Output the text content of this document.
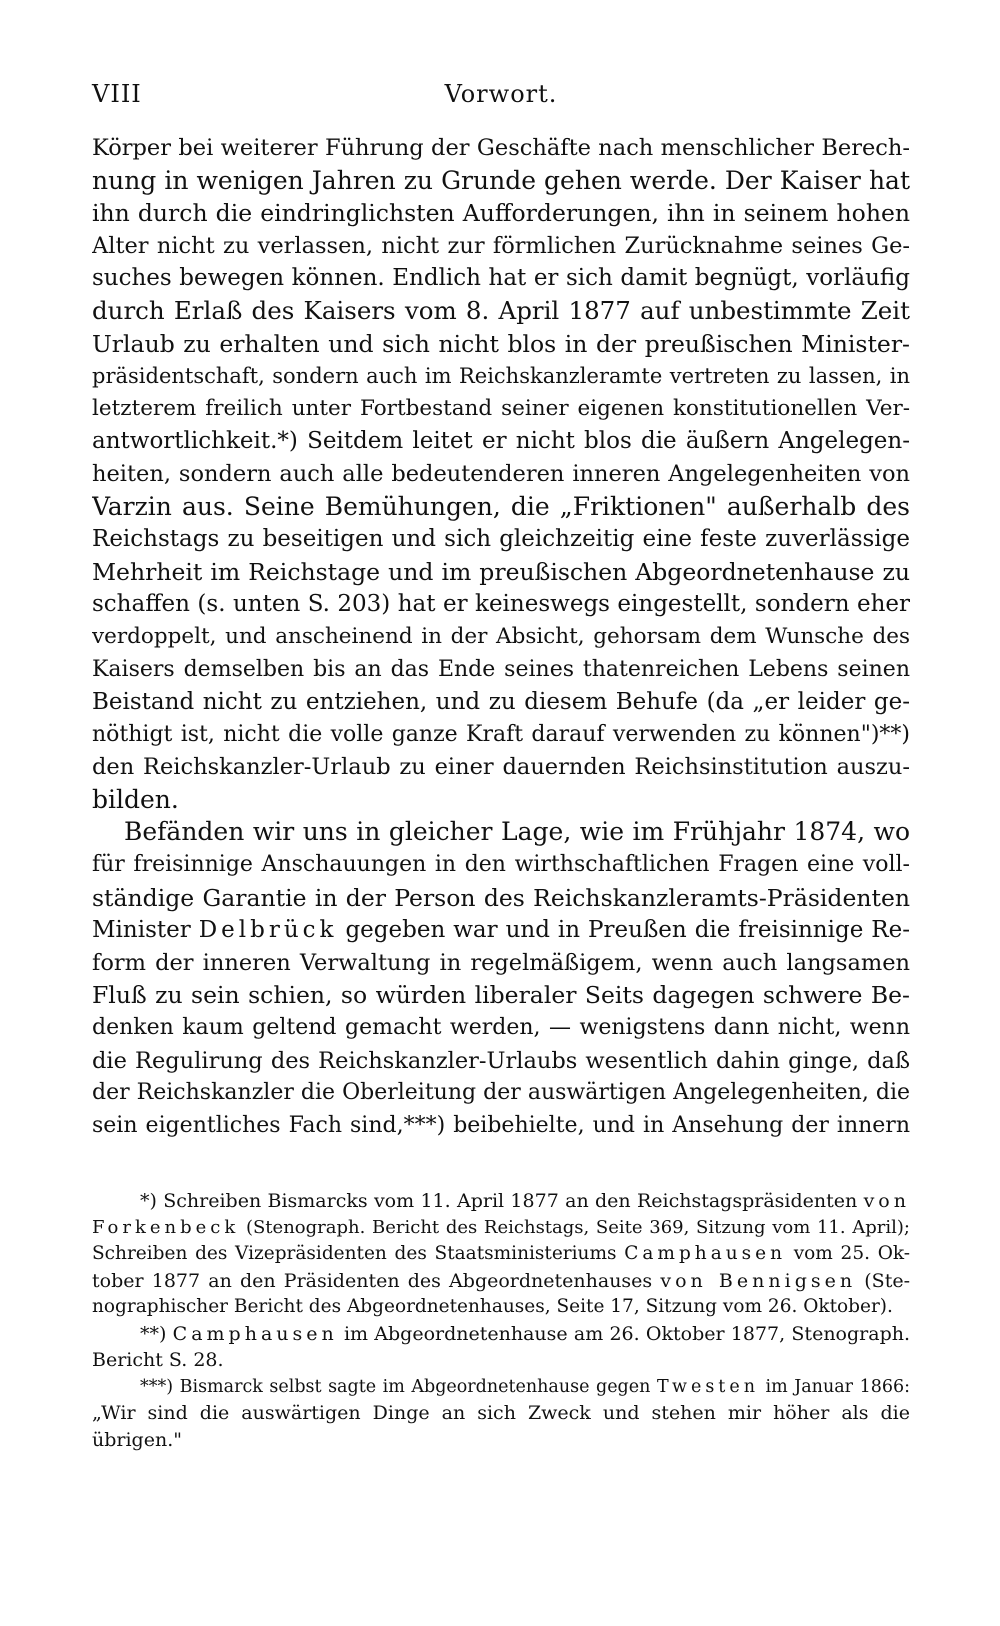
VIII	Vorwort.
Körper bei weiterer Führung der Geschäfte nach menschlicher Berech-
nung in wenigen Jahren zu Grunde gehen werde. Der Kaiser hat
ihn durch die eindringlichsten Aufforderungen, ihn in seinem hohen
Alter nicht zu verlassen, nicht zur förmlichen Zurücknahme seines Ge-
suches bewegen können. Endlich hat er sich damit begnügt, vorläufig
durch Erlaß des Kaisers vom 8. April 1877 auf unbestimmte Zeit
Urlaub zu erhalten und sich nicht blos in der preußischen Minister-
präsidentschaft, sondern auch im Reichskanzleramte vertreten zu lassen, in
letzterem freilich unter Fortbestand seiner eigenen konstitutionellen Ver-
antwortlichkeit.*) Seitdem leitet er nicht blos die äußern Angelegen-
heiten, sondern auch alle bedeutenderen inneren Angelegenheiten von
Varzin aus. Seine Bemühungen, die „Friktionen" außerhalb des
Reichstags zu beseitigen und sich gleichzeitig eine feste zuverlässige
Mehrheit im Reichstage und im preußischen Abgeordnetenhause zu
schaffen (s. unten S. 203) hat er keineswegs eingestellt, sondern eher
verdoppelt, und anscheinend in der Absicht, gehorsam dem Wunsche des
Kaisers demselben bis an das Ende seines thatenreichen Lebens seinen
Beistand nicht zu entziehen, und zu diesem Behufe (da „er leider ge-
nöthigt ist, nicht die volle ganze Kraft darauf verwenden zu können")**)
den Reichskanzler-Urlaub zu einer dauernden Reichsinstitution auszu-
bilden.
Befänden wir uns in gleicher Lage, wie im Frühjahr 1874, wo
für freisinnige Anschauungen in den wirthschaftlichen Fragen eine voll-
ständige Garantie in der Person des Reichskanzleramts-Präsidenten
Minister Delbrück gegeben war und in Preußen die freisinnige Re-
form der inneren Verwaltung in regelmäßigem, wenn auch langsamen
Fluß zu sein schien, so würden liberaler Seits dagegen schwere Be-
denken kaum geltend gemacht werden, — wenigstens dann nicht, wenn
die Regulirung des Reichskanzler-Urlaubs wesentlich dahin ginge, daß
der Reichskanzler die Oberleitung der auswärtigen Angelegenheiten, die
sein eigentliches Fach sind,***) beibehielte, und in Ansehung der innern
*) Schreiben Bismarcks vom 11. April 1877 an den Reichstagspräsidenten von
Forkenbeck (Stenograph. Bericht des Reichstags, Seite 369, Sitzung vom 11. April);
Schreiben des Vizepräsidenten des Staatsministeriums Camphausen vom 25. Ok-
tober 1877 an den Präsidenten des Abgeordnetenhauses von Bennigsen (Ste-
nographischer Bericht des Abgeordnetenhauses, Seite 17, Sitzung vom 26. Oktober).
**) Camphausen im Abgeordnetenhause am 26. Oktober 1877, Stenograph.
Bericht S. 28.
***) Bismarck selbst sagte im Abgeordnetenhause gegen Twesten im Januar 1866:
„Wir sind die auswärtigen Dinge an sich Zweck und stehen mir höher als die
übrigen."
